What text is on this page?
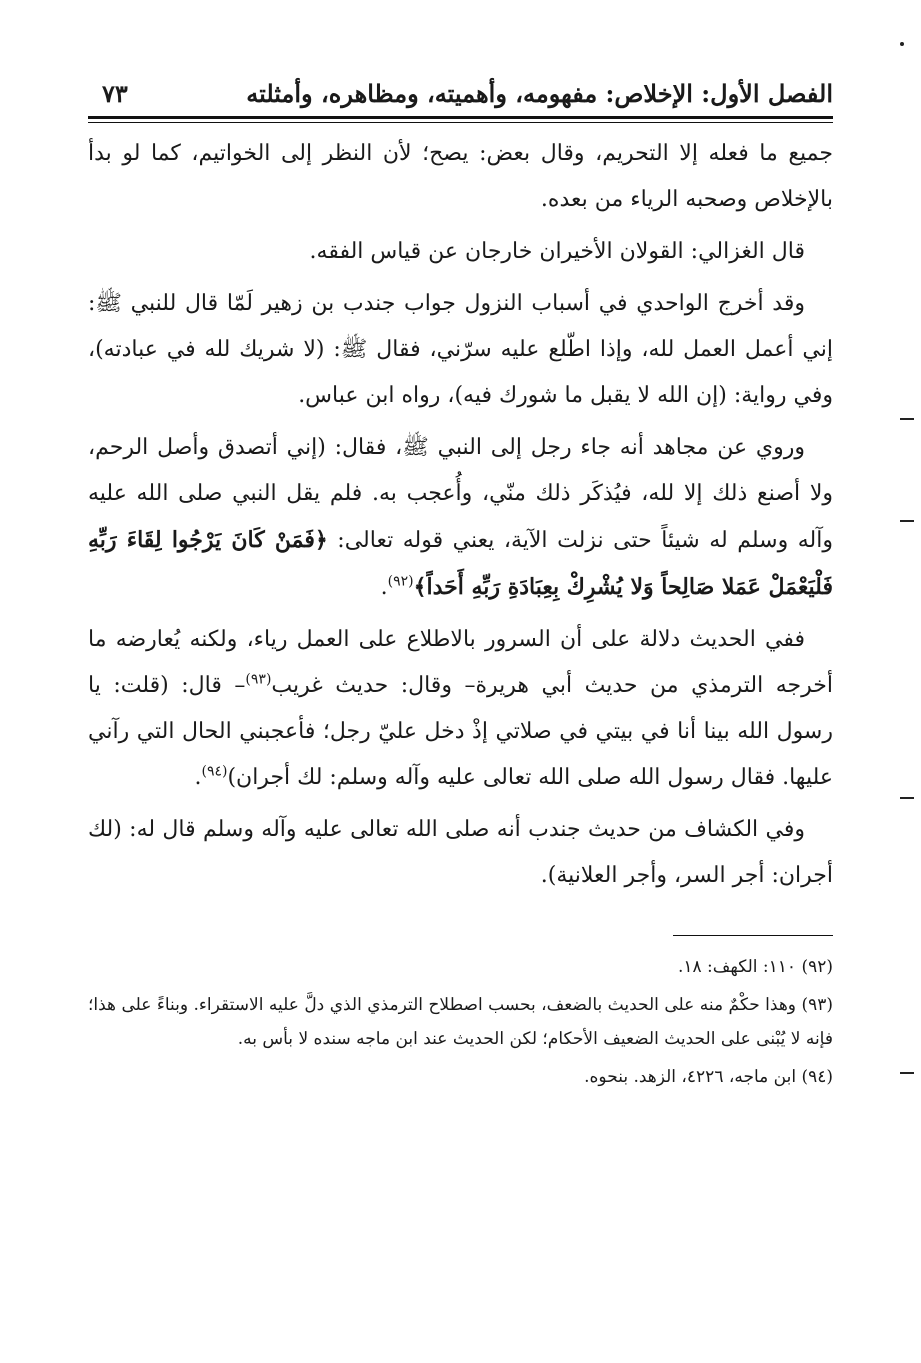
الفصل الأول: الإخلاص: مفهومه، وأهميته، ومظاهره، وأمثلته
٧٣

جميع ما فعله إلا التحريم، وقال بعض: يصح؛ لأن النظر إلى الخواتيم، كما لو بدأ بالإخلاص وصحبه الرياء من بعده.

قال الغزالي: القولان الأخيران خارجان عن قياس الفقه.

وقد أخرج الواحدي في أسباب النزول جواب جندب بن زهير لَمّا قال للنبي ﷺ: إني أعمل العمل لله، وإذا اطّلع عليه سرّني، فقال ﷺ: (لا شريك لله في عبادته)، وفي رواية: (إن الله لا يقبل ما شورك فيه)، رواه ابن عباس.

وروي عن مجاهد أنه جاء رجل إلى النبي ﷺ، فقال: (إني أتصدق وأصل الرحم، ولا أصنع ذلك إلا لله، فيُذكَر ذلك منّي، وأُعجب به. فلم يقل النبي صلى الله عليه وآله وسلم له شيئاً حتى نزلت الآية، يعني قوله تعالى: ﴿فَمَنْ كَانَ يَرْجُوا لِقَاءَ رَبِّهِ فَلْيَعْمَلْ عَمَلا صَالِحاً وَلا يُشْرِكْ بِعِبَادَةِ رَبِّهِ أَحَداً﴾$^{(٩٢)}$.

ففي الحديث دلالة على أن السرور بالاطلاع على العمل رياء، ولكنه يُعارضه ما أخرجه الترمذي من حديث أبي هريرة– وقال: حديث غريب$^{(٩٣)}$– قال: (قلت: يا رسول الله بينا أنا في بيتي في صلاتي إذْ دخل عليّ رجل؛ فأعجبني الحال التي رآني عليها. فقال رسول الله صلى الله تعالى عليه وآله وسلم: لك أجران)$^{(٩٤)}$.

وفي الكشاف من حديث جندب أنه صلى الله تعالى عليه وآله وسلم قال له: (لك أجران: أجر السر، وأجر العلانية).

(٩٢) ١١٠: الكهف: ١٨.

(٩٣) وهذا حكْمٌ منه على الحديث بالضعف، بحسب اصطلاح الترمذي الذي دلَّ عليه الاستقراء. وبناءً على هذا؛ فإنه لا يُبْنى على الحديث الضعيف الأحكام؛ لكن الحديث عند ابن ماجه سنده لا بأس به.

(٩٤) ابن ماجه، ٤٢٢٦، الزهد. بنحوه.
